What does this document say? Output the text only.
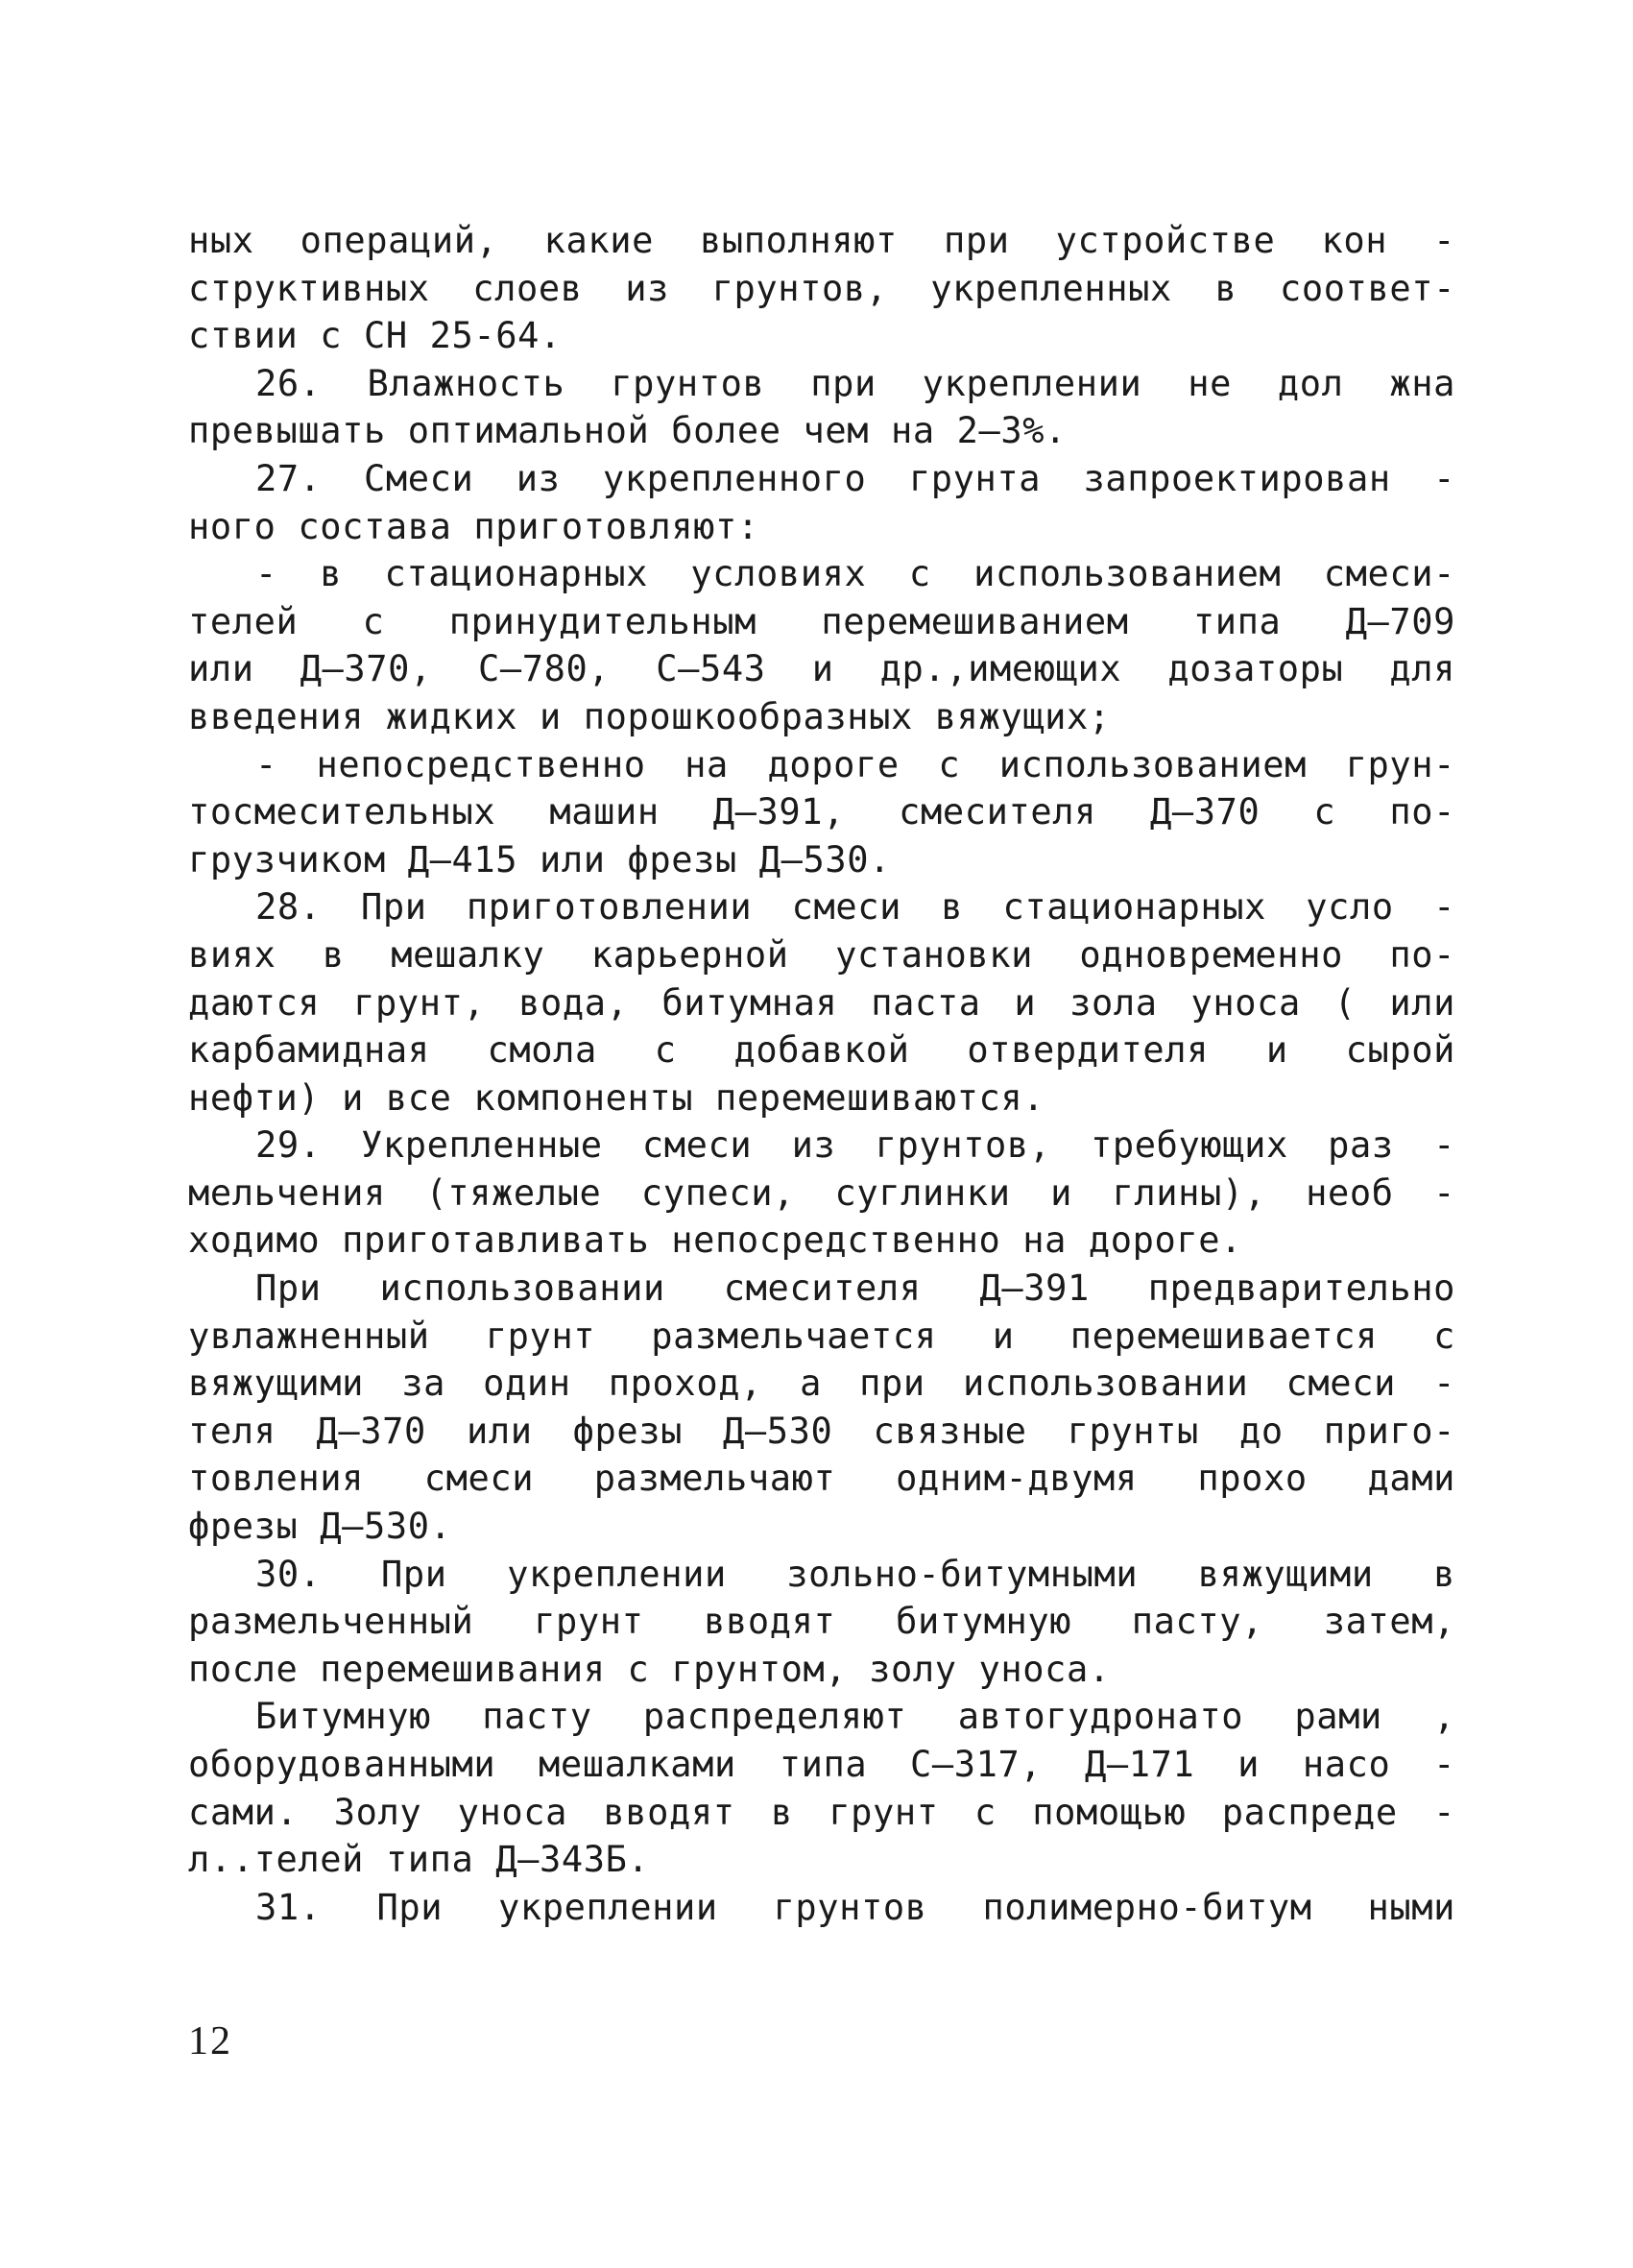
ных операций, какие выполняют при устройстве кон -
структивных слоев из грунтов, укрепленных в соответ-
ствии с СН 25-64.
26. Влажность грунтов при укреплении не дол жна
превышать оптимальной более чем на 2–3%.
27. Смеси из укрепленного грунта запроектирован -
ного состава приготовляют:
- в стационарных условиях с использованием смеси-
телей с принудительным перемешиванием типа Д–709
или Д–370, С–780, С–543 и др.,имеющих дозаторы для
введения жидких и порошкообразных вяжущих;
- непосредственно на дороге с использованием грун-
тосмесительных машин Д–391, смесителя Д–370 с по-
грузчиком Д–415 или фрезы Д–530.
28. При приготовлении смеси в стационарных усло -
виях в мешалку карьерной установки одновременно по-
даются грунт, вода, битумная паста и зола уноса ( или
карбамидная смола с добавкой отвердителя и сырой
нефти) и все компоненты перемешиваются.
29. Укрепленные смеси из грунтов, требующих раз -
мельчения (тяжелые супеси, суглинки и глины), необ -
ходимо приготавливать непосредственно на дороге.
При использовании смесителя Д–391 предварительно
увлажненный грунт размельчается и перемешивается с
вяжущими за один проход, а при использовании смеси -
теля Д–370 или фрезы Д–530 связные грунты до приго-
товления смеси размельчают одним-двумя прохо дами
фрезы Д–530.
30. При укреплении зольно-битумными вяжущими в
размельченный грунт вводят битумную пасту, затем,
после перемешивания с грунтом, золу уноса.
Битумную пасту распределяют автогудронато рами ,
оборудованными мешалками типа С–317, Д–171 и насо -
сами. Золу уноса вводят в грунт с помощью распреде -
л..телей типа Д–343Б.
31. При укреплении грунтов полимерно-битум ными
12
